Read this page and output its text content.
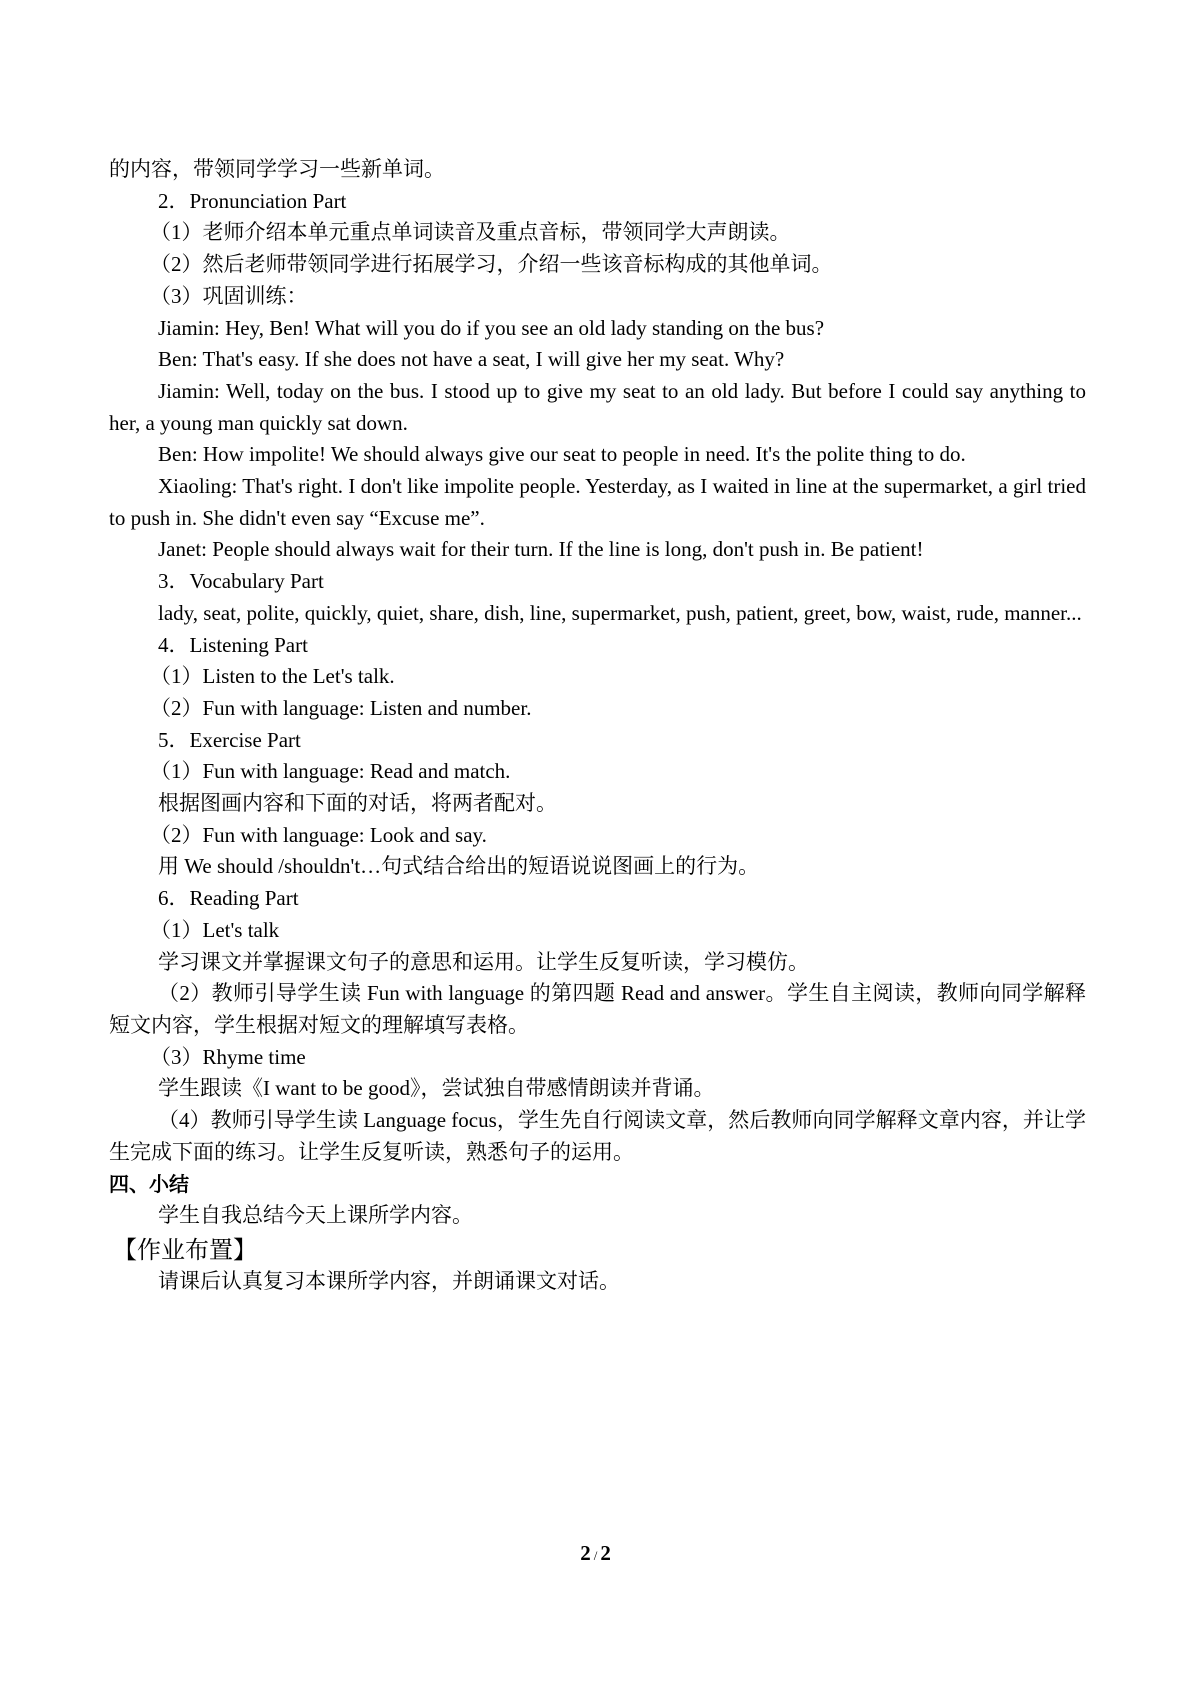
的内容，带领同学学习一些新单词。

2．Pronunciation Part

（1）老师介绍本单元重点单词读音及重点音标，带领同学大声朗读。

（2）然后老师带领同学进行拓展学习，介绍一些该音标构成的其他单词。

（3）巩固训练：

Jiamin: Hey, Ben! What will you do if you see an old lady standing on the bus?

Ben: That's easy. If she does not have a seat, I will give her my seat. Why?

Jiamin: Well, today on the bus. I stood up to give my seat to an old lady. But before I could say anything to her, a young man quickly sat down.

Ben: How impolite! We should always give our seat to people in need. It's the polite thing to do.

Xiaoling: That's right. I don't like impolite people. Yesterday, as I waited in line at the supermarket, a girl tried to push in. She didn't even say “Excuse me”.

Janet: People should always wait for their turn. If the line is long, don't push in. Be patient!

3．Vocabulary Part

lady, seat, polite, quickly, quiet, share, dish, line, supermarket, push, patient, greet, bow, waist, rude, manner...

4．Listening Part

（1）Listen to the Let's talk.

（2）Fun with language: Listen and number.

5．Exercise Part

（1）Fun with language: Read and match.

根据图画内容和下面的对话，将两者配对。

（2）Fun with language: Look and say.

用 We should /shouldn't…句式结合给出的短语说说图画上的行为。

6．Reading Part

（1）Let's talk

学习课文并掌握课文句子的意思和运用。让学生反复听读，学习模仿。

（2）教师引导学生读 Fun with language 的第四题 Read and answer。学生自主阅读，教师向同学解释短文内容，学生根据对短文的理解填写表格。

（3）Rhyme time

学生跟读《I want to be good》，尝试独自带感情朗读并背诵。

（4）教师引导学生读 Language focus，学生先自行阅读文章，然后教师向同学解释文章内容，并让学生完成下面的练习。让学生反复听读，熟悉句子的运用。

四、小结

学生自我总结今天上课所学内容。

【作业布置】

请课后认真复习本课所学内容，并朗诵课文对话。

2 / 2
